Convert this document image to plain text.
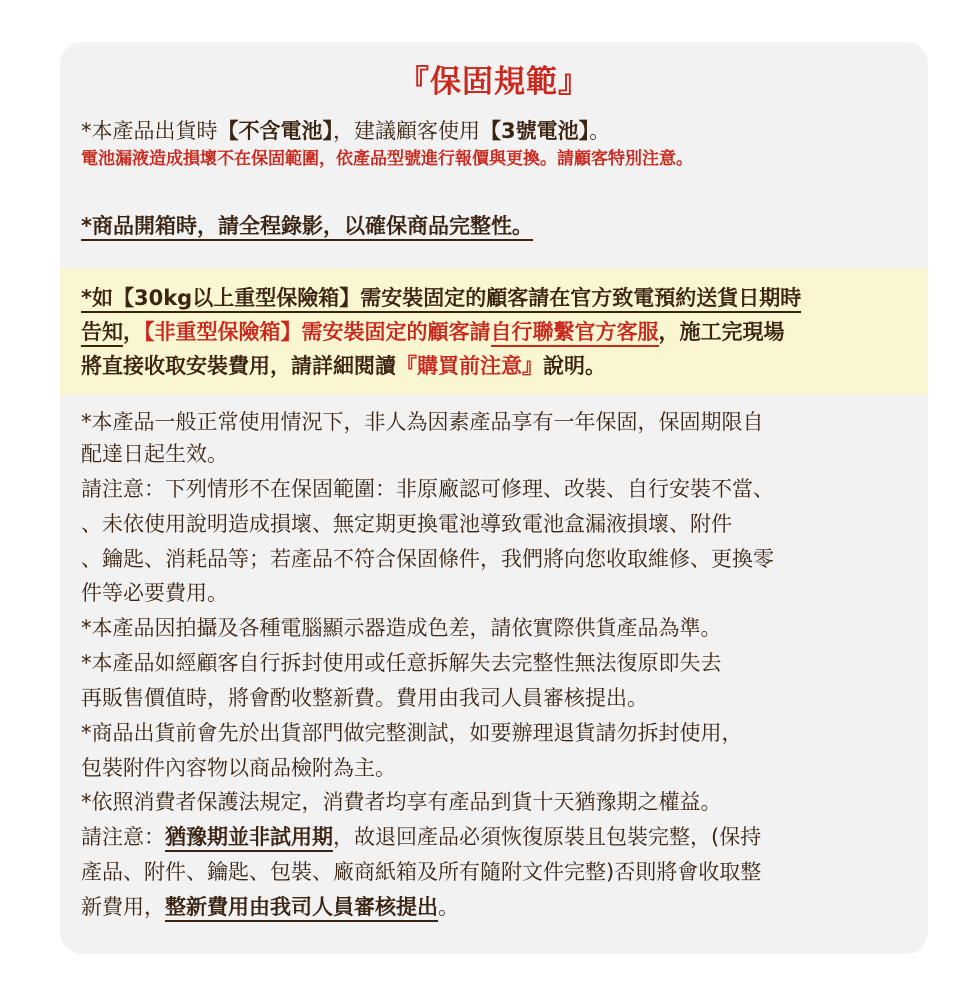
『保固規範』
*本產品出貨時【不含電池】，建議顧客使用【3號電池】。
電池漏液造成損壞不在保固範圍，依產品型號進行報價與更換。請顧客特別注意。
*商品開箱時，請全程錄影，以確保商品完整性。
*如【30kg以上重型保險箱】需安裝固定的顧客請在官方致電預約送貨日期時
告知，【非重型保險箱】需安裝固定的顧客請自行聯繫官方客服，施工完現場
將直接收取安裝費用，請詳細閱讀『購買前注意』說明。
*本產品一般正常使用情況下，非人為因素產品享有一年保固，保固期限自
配達日起生效。
請注意：下列情形不在保固範圍：非原廠認可修理、改裝、自行安裝不當、
、未依使用說明造成損壞、無定期更換電池導致電池盒漏液損壞、附件
、鑰匙、消耗品等；若產品不符合保固條件，我們將向您收取維修、更換零
件等必要費用。
*本產品因拍攝及各種電腦顯示器造成色差，請依實際供貨產品為準。
*本產品如經顧客自行拆封使用或任意拆解失去完整性無法復原即失去
再販售價值時，將會酌收整新費。費用由我司人員審核提出。
*商品出貨前會先於出貨部門做完整測試，如要辦理退貨請勿拆封使用，
包裝附件內容物以商品檢附為主。
*依照消費者保護法規定，消費者均享有產品到貨十天猶豫期之權益。
請注意：猶豫期並非試用期，故退回產品必須恢復原裝且包裝完整，(保持
產品、附件、鑰匙、包裝、廠商紙箱及所有隨附文件完整)否則將會收取整
新費用，整新費用由我司人員審核提出。
